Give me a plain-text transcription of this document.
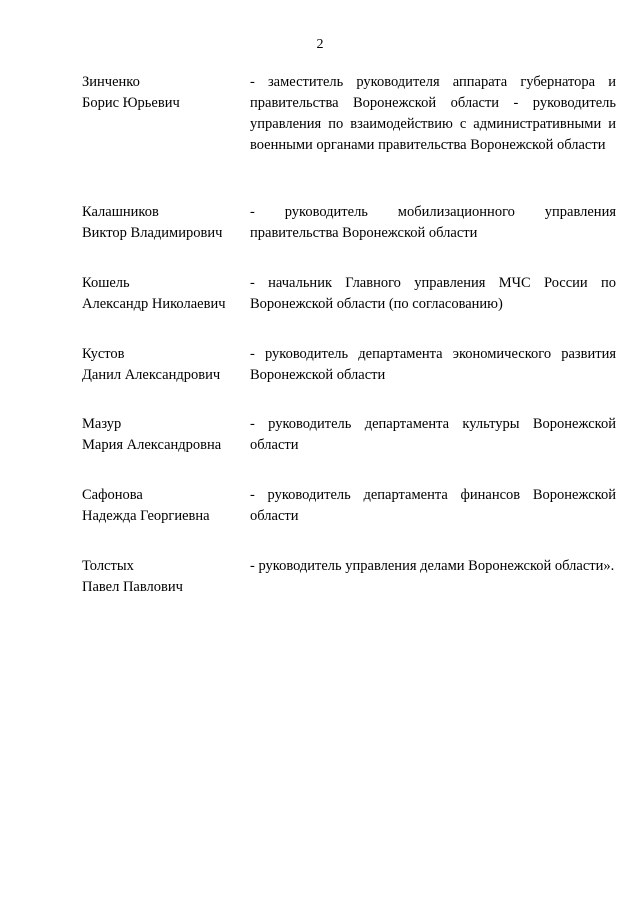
2
Зинченко
Борис Юрьевич
- заместитель руководителя аппарата губернатора и правительства Воронежской области - руководитель управления по взаимодействию с административными и военными органами правительства Воронежской области
Калашников
Виктор Владимирович
- руководитель мобилизационного управления правительства Воронежской области
Кошель
Александр Николаевич
- начальник Главного управления МЧС России по Воронежской области (по согласованию)
Кустов
Данил Александрович
- руководитель департамента экономического развития Воронежской области
Мазур
Мария Александровна
- руководитель департамента культуры Воронежской области
Сафонова
Надежда Георгиевна
- руководитель департамента финансов Воронежской области
Толстых
Павел Павлович
- руководитель управления делами Воронежской области».
